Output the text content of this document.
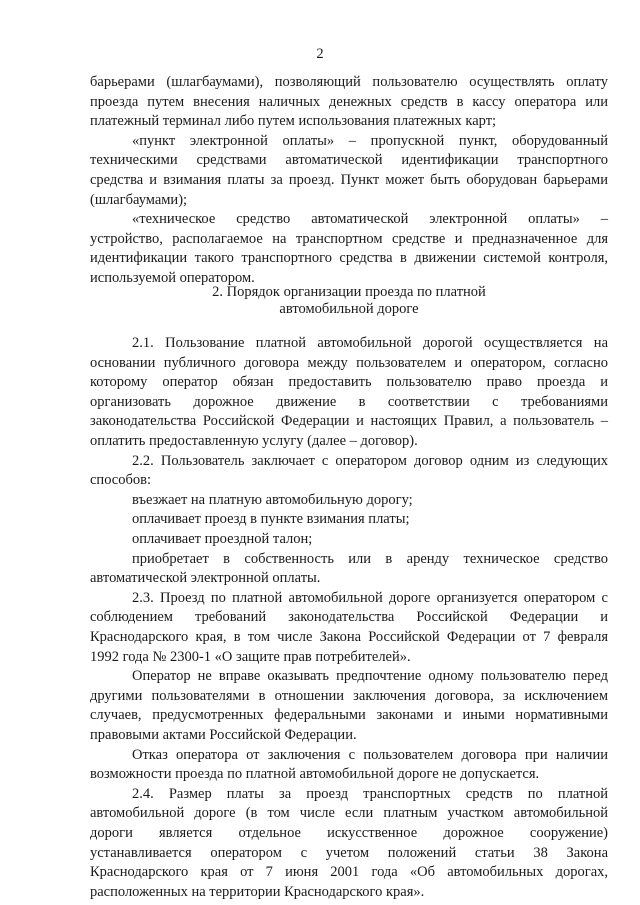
2
барьерами (шлагбаумами), позволяющий пользователю осуществлять оплату
проезда путем внесения наличных денежных средств в кассу оператора или
платежный терминал либо путем использования платежных карт;
«пункт электронной оплаты» – пропускной пункт, оборудованный
техническими средствами автоматической идентификации транспортного
средства и взимания платы за проезд. Пункт может быть оборудован барьерами
(шлагбаумами);
«техническое средство автоматической электронной оплаты» –
устройство, располагаемое на транспортном средстве и предназначенное для
идентификации такого транспортного средства в движении системой контроля,
используемой оператором.
2. Порядок организации проезда по платной
автомобильной дороге
2.1. Пользование платной автомобильной дорогой осуществляется на
основании публичного договора между пользователем и оператором, согласно
которому оператор обязан предоставить пользователю право проезда и
организовать дорожное движение в соответствии с требованиями
законодательства Российской Федерации и настоящих Правил, а пользователь –
оплатить предоставленную услугу (далее – договор).
2.2. Пользователь заключает с оператором договор одним из следующих
способов:
въезжает на платную автомобильную дорогу;
оплачивает проезд в пункте взимания платы;
оплачивает проездной талон;
приобретает в собственность или в аренду техническое средство
автоматической электронной оплаты.
2.3. Проезд по платной автомобильной дороге организуется оператором с
соблюдением требований законодательства Российской Федерации и
Краснодарского края, в том числе Закона Российской Федерации от 7 февраля
1992 года № 2300-1 «О защите прав потребителей».
Оператор не вправе оказывать предпочтение одному пользователю перед
другими пользователями в отношении заключения договора, за исключением
случаев, предусмотренных федеральными законами и иными нормативными
правовыми актами Российской Федерации.
Отказ оператора от заключения с пользователем договора при наличии
возможности проезда по платной автомобильной дороге не допускается.
2.4. Размер платы за проезд транспортных средств по платной
автомобильной дороге (в том числе если платным участком автомобильной
дороги является отдельное искусственное дорожное сооружение)
устанавливается оператором с учетом положений статьи 38 Закона
Краснодарского края от 7 июня 2001 года «Об автомобильных дорогах,
расположенных на территории Краснодарского края».
